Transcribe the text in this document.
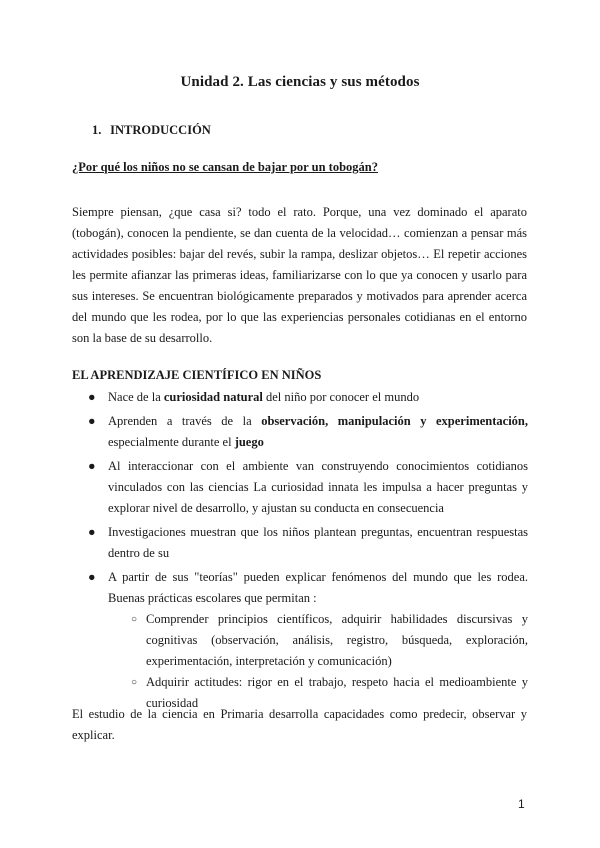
Unidad 2. Las ciencias y sus métodos
1. INTRODUCCIÓN
¿Por qué los niños no se cansan de bajar por un tobogán?
Siempre piensan, ¿que casa si? todo el rato. Porque, una vez dominado el aparato (tobogán), conocen la pendiente, se dan cuenta de la velocidad… comienzan a pensar más actividades posibles: bajar del revés, subir la rampa, deslizar objetos… El repetir acciones les permite afianzar las primeras ideas, familiarizarse con lo que ya conocen y usarlo para sus intereses. Se encuentran biológicamente preparados y motivados para aprender acerca del mundo que les rodea, por lo que las experiencias personales cotidianas en el entorno son la base de su desarrollo.
EL APRENDIZAJE CIENTÍFICO EN NIÑOS
● Nace de la curiosidad natural del niño por conocer el mundo
● Aprenden a través de la observación, manipulación y experimentación, especialmente durante el juego
● Al interaccionar con el ambiente van construyendo conocimientos cotidianos vinculados con las ciencias La curiosidad innata les impulsa a hacer preguntas y explorar nivel de desarrollo, y ajustan su conducta en consecuencia
● Investigaciones muestran que los niños plantean preguntas, encuentran respuestas dentro de su
● A partir de sus "teorías" pueden explicar fenómenos del mundo que les rodea. Buenas prácticas escolares que permitan :
○ Comprender principios científicos, adquirir habilidades discursivas y cognitivas (observación, análisis, registro, búsqueda, exploración, experimentación, interpretación y comunicación)
○ Adquirir actitudes: rigor en el trabajo, respeto hacia el medioambiente y curiosidad
El estudio de la ciencia en Primaria desarrolla capacidades como predecir, observar y explicar.
1
